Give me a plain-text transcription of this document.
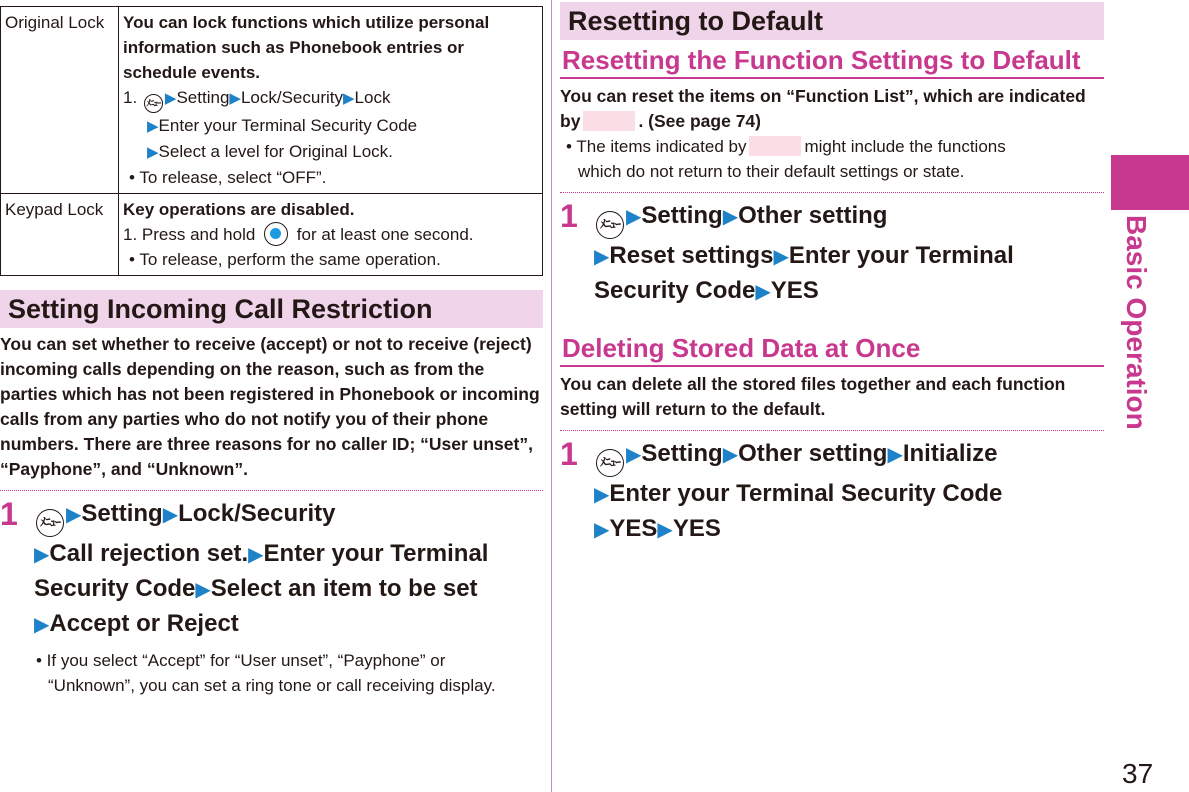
Original Lock	You can lock functions which utilize personal information such as Phonebook entries or schedule events.
1. ﾒﾆｭｰ ▶Setting▶Lock/Security▶Lock
▶Enter your Terminal Security Code
▶Select a level for Original Lock.
• To release, select “OFF”.

Keypad Lock	Key operations are disabled.
1. Press and hold for at least one second.
• To release, perform the same operation.
Setting Incoming Call Restriction

You can set whether to receive (accept) or not to receive (reject) incoming calls depending on the reason, such as from the parties which has not been registered in Phonebook or incoming calls from any parties who do not notify you of their phone numbers. There are three reasons for no caller ID; “User unset”, “Payphone”, and “Unknown”.

1 ﾒﾆｭｰ ▶Setting▶Lock/Security
▶Call rejection set.▶Enter your Terminal Security Code▶Select an item to be set
▶Accept or Reject
• If you select “Accept” for “User unset”, “Payphone” or
“Unknown”, you can set a ring tone or call receiving display.
Resetting to Default
Resetting the Function Settings to Default

You can reset the items on “Function List”, which are indicated by	. (See page 74)

• The items indicated by	might include the functions
which do not return to their default settings or state.
1 ﾒﾆｭｰ ▶Setting▶Other setting
▶Reset settings▶Enter your Terminal Security Code▶YES
Deleting Stored Data at Once

You can delete all the stored files together and each function setting will return to the default.

1 ﾒﾆｭｰ ▶Setting▶Other setting▶Initialize
▶Enter your Terminal Security Code
▶YES▶YES
Basic Operation
37
